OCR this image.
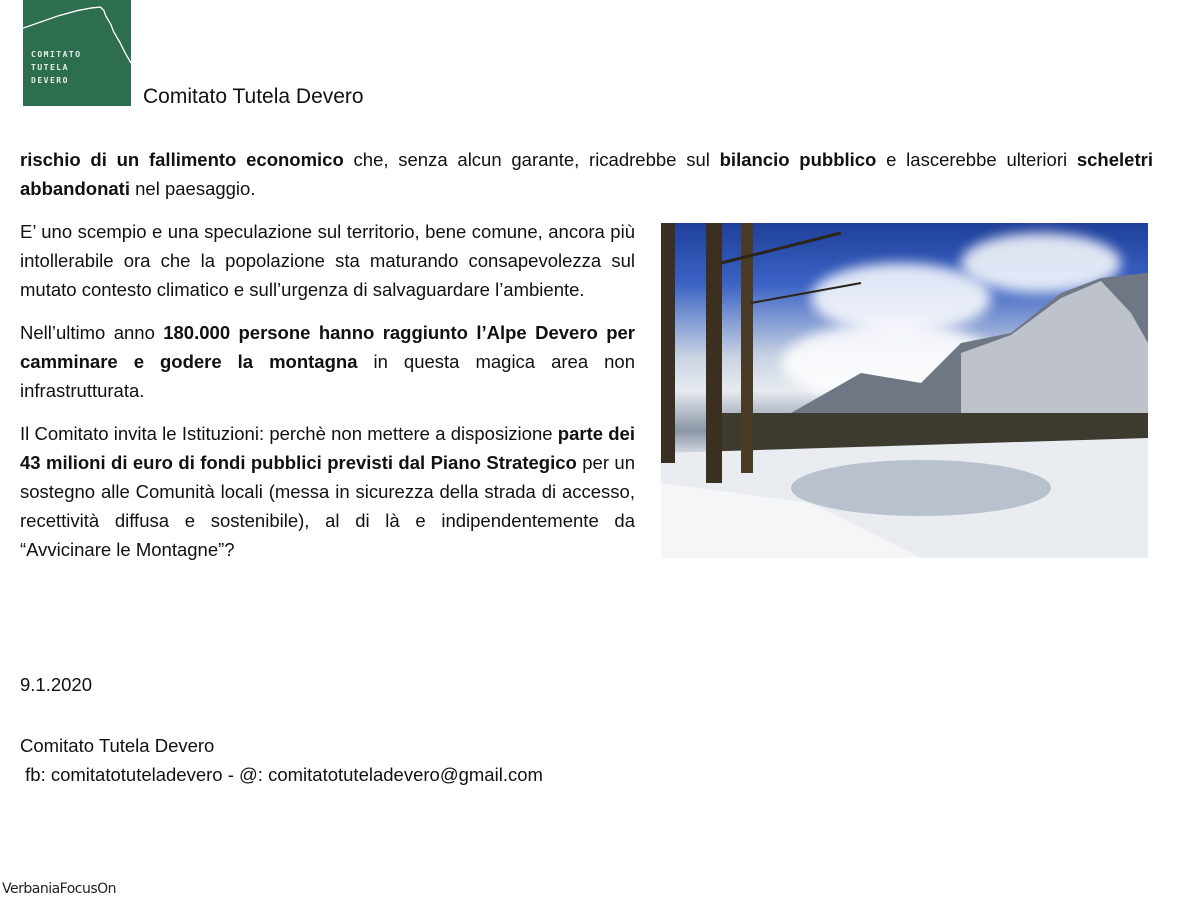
COMITATO
TUTELA
DEVERO
Comitato Tutela Devero

rischio di un fallimento economico che, senza alcun garante, ricadrebbe sul bilancio pubblico e lascerebbe ulteriori scheletri abbandonati nel paesaggio.

E’ uno scempio e una speculazione sul territorio, bene comune, ancora più intollerabile ora che la popolazione sta maturando consapevolezza sul mutato contesto climatico e sull’urgenza di salvaguardare l’ambiente.

Nell’ultimo anno 180.000 persone hanno raggiunto l’Alpe Devero per camminare e godere la montagna in questa magica area non infrastrutturata.

Il Comitato invita le Istituzioni: perchè non mettere a disposizione parte dei 43 milioni di euro di fondi pubblici previsti dal Piano Strategico per un sostegno alle Comunità locali (messa in sicurezza della strada di accesso, recettività diffusa e sostenibile), al di là e indipendentemente da “Avvicinare le Montagne”?

9.1.2020
Comitato Tutela Devero
fb: comitatotuteladevero - @: comitatotuteladevero@gmail.com
VerbaniaFocusOn
